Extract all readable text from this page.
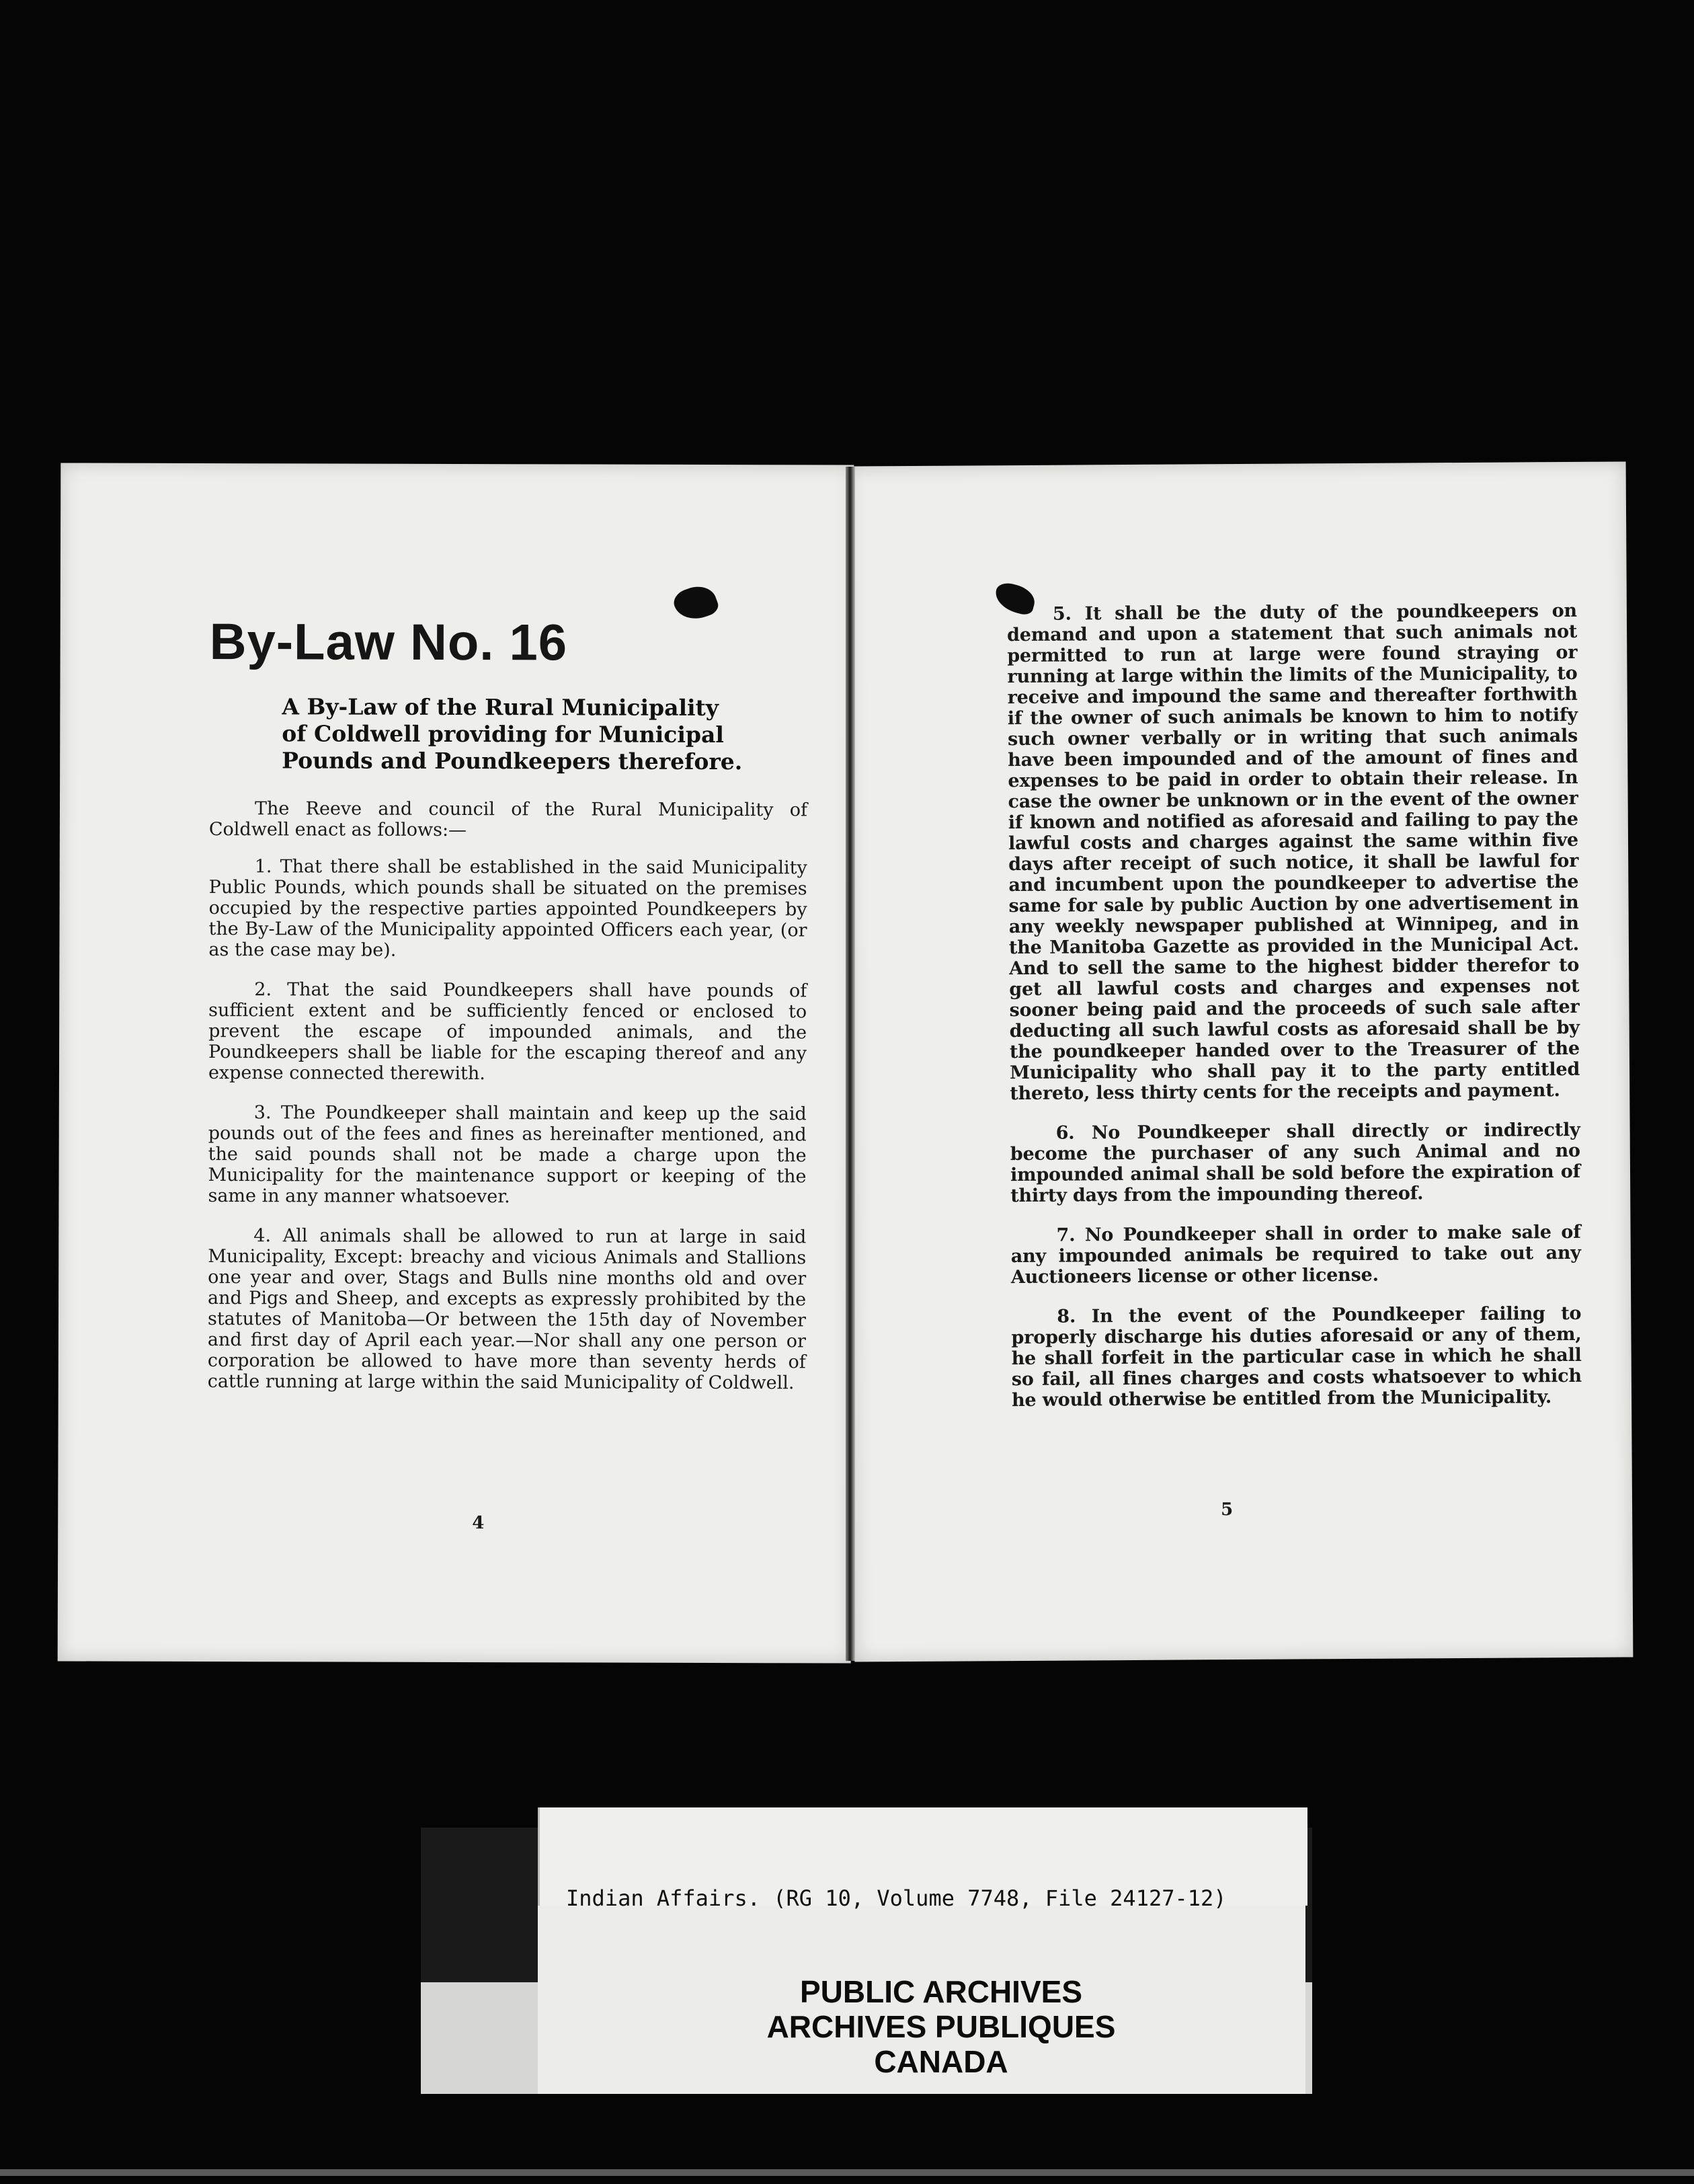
By-Law No. 16
A By-Law of the Rural Municipality
of Coldwell providing for Municipal
Pounds and Poundkeepers therefore.

The Reeve and council of the Rural Municipality of Coldwell enact as follows:—

1. That there shall be established in the said Municipality Public Pounds, which pounds shall be situated on the premises occupied by the respective parties appointed Poundkeepers by the By-Law of the Municipality appointed Officers each year, (or as the case may be).

2. That the said Poundkeepers shall have pounds of sufficient extent and be sufficiently fenced or enclosed to prevent the escape of impounded animals, and the Poundkeepers shall be liable for the escaping thereof and any expense connected therewith.

3. The Poundkeeper shall maintain and keep up the said pounds out of the fees and fines as hereinafter mentioned, and the said pounds shall not be made a charge upon the Municipality for the maintenance support or keeping of the same in any manner whatsoever.

4. All animals shall be allowed to run at large in said Municipality, Except: breachy and vicious Animals and Stallions one year and over, Stags and Bulls nine months old and over and Pigs and Sheep, and excepts as expressly prohibited by the statutes of Manitoba—Or between the 15th day of November and first day of April each year.—Nor shall any one person or corporation be allowed to have more than seventy herds of cattle running at large within the said Municipality of Coldwell.

4

5. It shall be the duty of the poundkeepers on demand and upon a statement that such animals not permitted to run at large were found straying or running at large within the limits of the Municipality, to receive and impound the same and thereafter forthwith if the owner of such animals be known to him to notify such owner verbally or in writing that such animals have been impounded and of the amount of fines and expenses to be paid in order to obtain their release. In case the owner be unknown or in the event of the owner if known and notified as aforesaid and failing to pay the lawful costs and charges against the same within five days after receipt of such notice, it shall be lawful for and incumbent upon the poundkeeper to advertise the same for sale by public Auction by one advertisement in any weekly newspaper published at Winnipeg, and in the Manitoba Gazette as provided in the Municipal Act. And to sell the same to the highest bidder therefor to get all lawful costs and charges and expenses not sooner being paid and the proceeds of such sale after deducting all such lawful costs as aforesaid shall be by the poundkeeper handed over to the Treasurer of the Municipality who shall pay it to the party entitled thereto, less thirty cents for the receipts and payment.

6. No Poundkeeper shall directly or indirectly become the purchaser of any such Animal and no impounded animal shall be sold before the expiration of thirty days from the impounding thereof.

7. No Poundkeeper shall in order to make sale of any impounded animals be required to take out any Auctioneers license or other license.

8. In the event of the Poundkeeper failing to properly discharge his duties aforesaid or any of them, he shall forfeit in the particular case in which he shall so fail, all fines charges and costs whatsoever to which he would otherwise be entitled from the Municipality.

5
Indian Affairs. (RG 10, Volume 7748, File 24127-12)
PUBLIC ARCHIVES
ARCHIVES PUBLIQUES
CANADA
